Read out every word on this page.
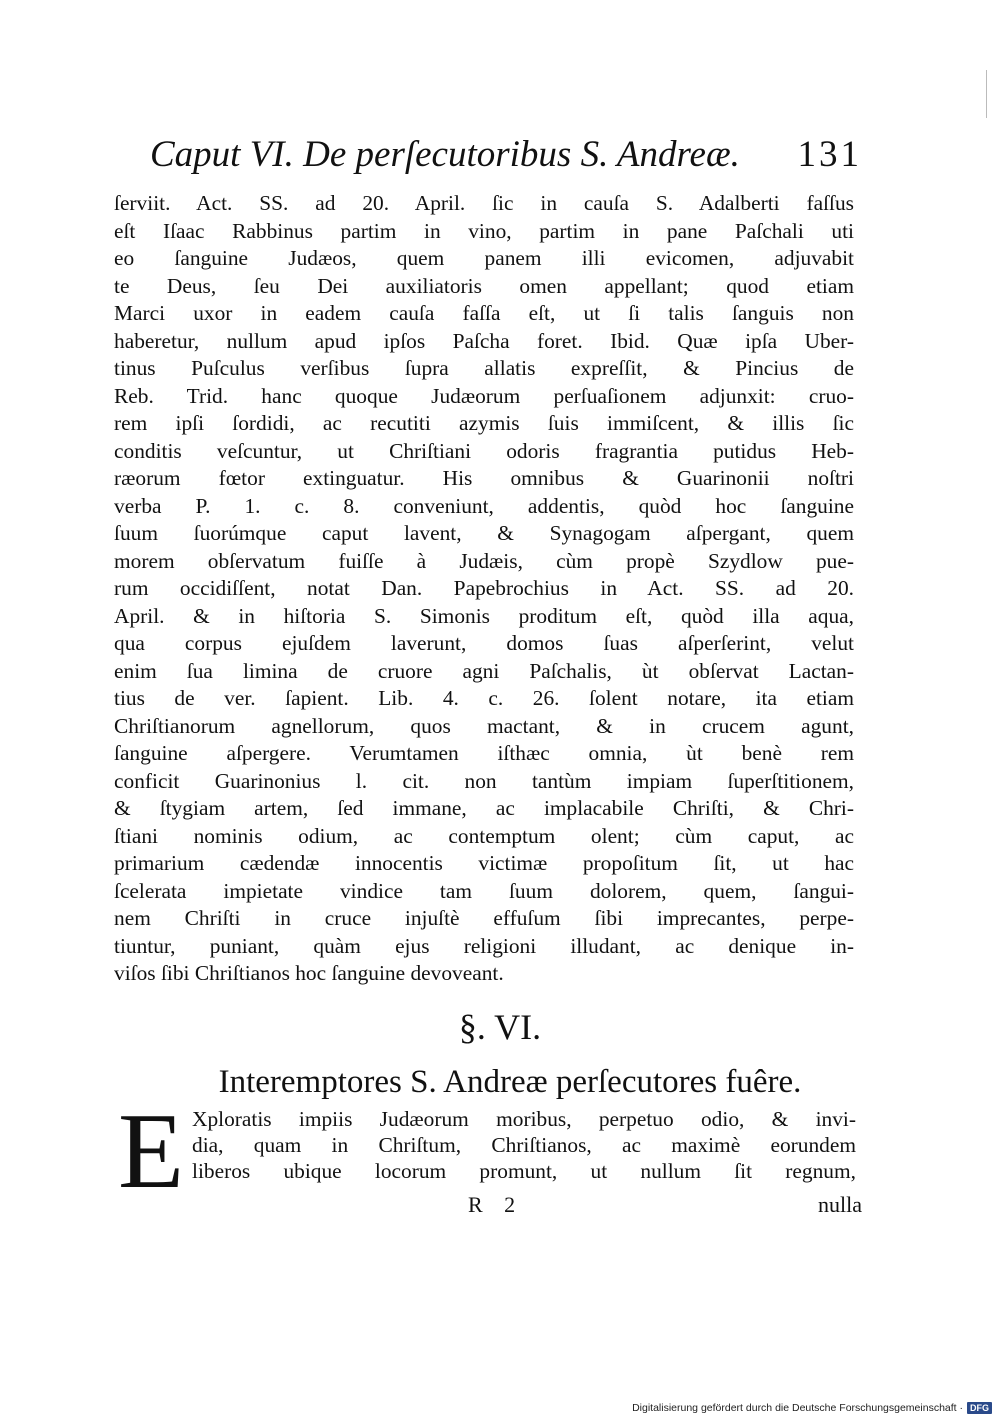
Caput VI. De perſecutoribus S. Andreæ. 131
ſerviit. Act. SS. ad 20. April. ſic in cauſa S. Adalberti faſſus
eſt Iſaac Rabbinus partim in vino, partim in pane Paſchali uti
eo ſanguine Judæos, quem panem illi evicomen, adjuvabit
te Deus, ſeu Dei auxiliatoris omen appellant; quod etiam
Marci uxor in eadem cauſa faſſa eſt, ut ſi talis ſanguis non
haberetur, nullum apud ipſos Paſcha foret. Ibid. Quæ ipſa Uber-
tinus Puſculus verſibus ſupra allatis expreſſit, & Pincius de
Reb. Trid. hanc quoque Judæorum perſuaſionem adjunxit: cruo-
rem ipſi ſordidi, ac recutiti azymis ſuis immiſcent, & illis ſic
conditis veſcuntur, ut Chriſtiani odoris fragrantia putidus Heb-
ræorum fœtor extinguatur. His omnibus & Guarinonii noſtri
verba P. 1. c. 8. conveniunt, addentis, quòd hoc ſanguine
ſuum ſuorúmque caput lavent, & Synagogam aſpergant, quem
morem obſervatum fuiſſe à Judæis, cùm propè Szydlow pue-
rum occidiſſent, notat Dan. Papebrochius in Act. SS. ad 20.
April. & in hiſtoria S. Simonis proditum eſt, quòd illa aqua,
qua corpus ejuſdem laverunt, domos ſuas aſperſerint, velut
enim ſua limina de cruore agni Paſchalis, ùt obſervat Lactan-
tius de ver. ſapient. Lib. 4. c. 26. ſolent notare, ita etiam
Chriſtianorum agnellorum, quos mactant, & in crucem agunt,
ſanguine aſpergere. Verumtamen iſthæc omnia, ùt benè rem
conficit Guarinonius l. cit. non tantùm impiam ſuperſtitionem,
& ſtygiam artem, ſed immane, ac implacabile Chriſti, & Chri-
ſtiani nominis odium, ac contemptum olent; cùm caput, ac
primarium cædendæ innocentis victimæ propoſitum ſit, ut hac
ſcelerata impietate vindice tam ſuum dolorem, quem, ſangui-
nem Chriſti in cruce injuſtè effuſum ſibi imprecantes, perpe-
tiuntur, puniant, quàm ejus religioni illudant, ac denique in-
viſos ſibi Chriſtianos hoc ſanguine devoveant.
§. VI.
Interemptores S. Andreæ perſecutores fuêre.
E Xploratis impiis Judæorum moribus, perpetuo odio, & invi-
dia, quam in Chriſtum, Chriſtianos, ac maximè eorundem
liberos ubique locorum promunt, ut nullum ſit regnum,
R 2	nulla
Digitalisierung gefördert durch die Deutsche Forschungsgemeinschaft · DFG
